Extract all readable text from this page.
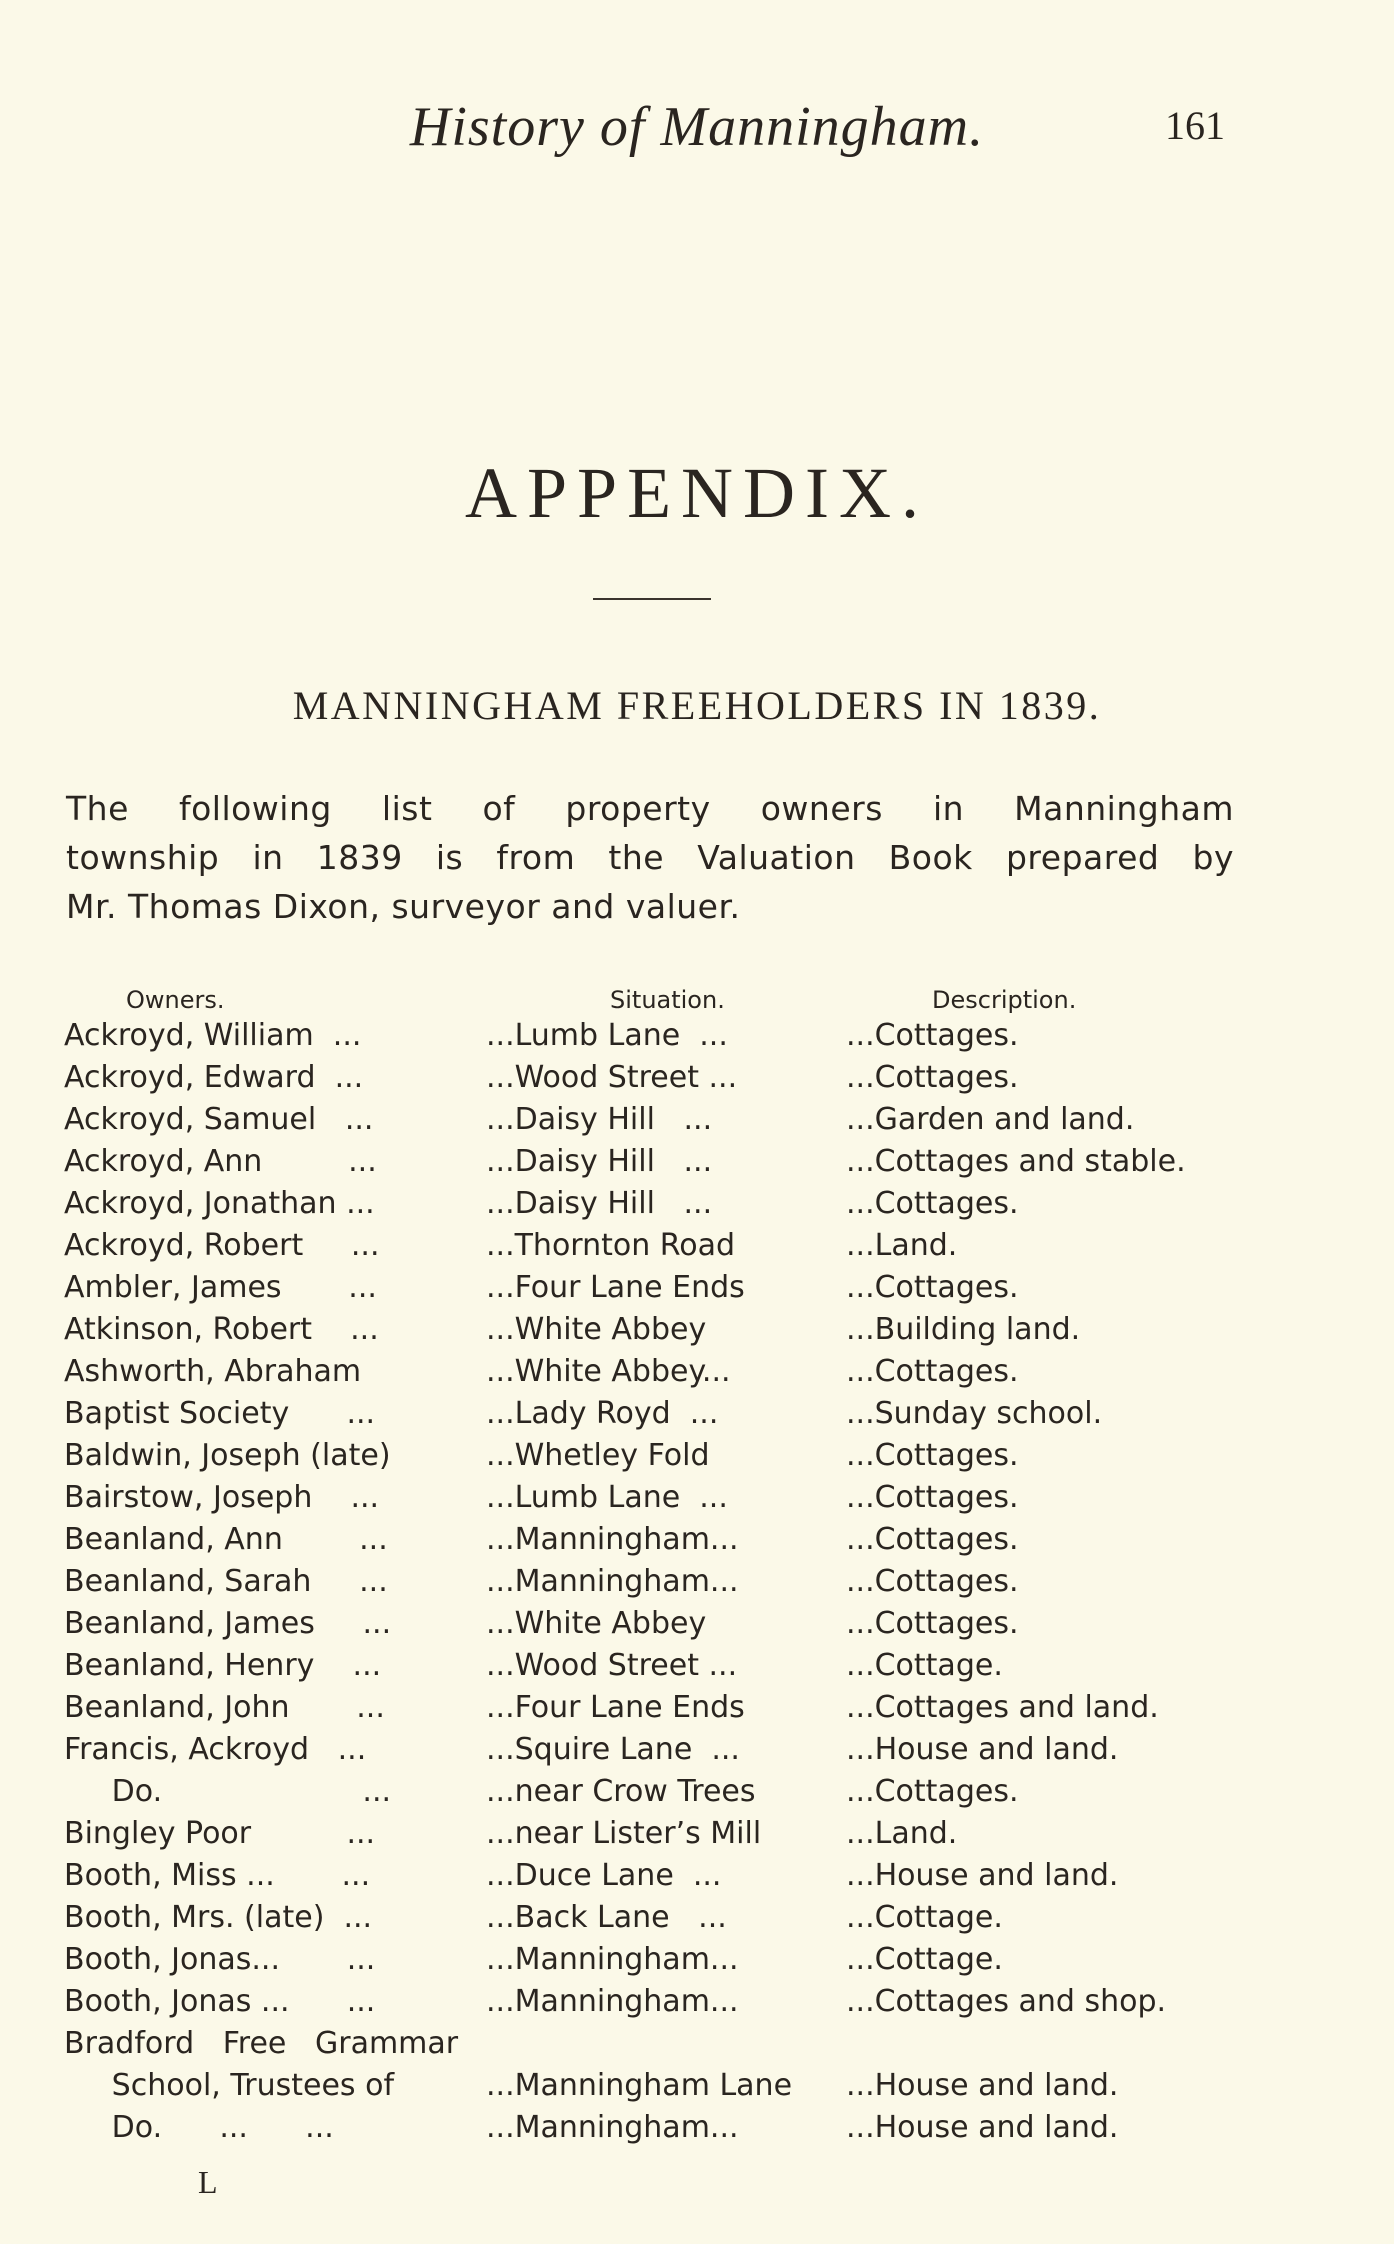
History of Manningham.	161
APPENDIX.
MANNINGHAM FREEHOLDERS IN 1839.
The following list of property owners in Manningham
township in 1839 is from the Valuation Book prepared by
Mr. Thomas Dixon, surveyor and valuer.
Owners.	Situation.	Description.
Ackroyd, William  ...	...Lumb Lane  ...	...Cottages.
Ackroyd, Edward  ...	...Wood Street ...	...Cottages.
Ackroyd, Samuel   ...	...Daisy Hill   ...	...Garden and land.
Ackroyd, Ann         ...	...Daisy Hill   ...	...Cottages and stable.
Ackroyd, Jonathan ...	...Daisy Hill   ...	...Cottages.
Ackroyd, Robert     ...	...Thornton Road	...Land.
Ambler, James       ...	...Four Lane Ends	...Cottages.
Atkinson, Robert    ...	...White Abbey	...Building land.
Ashworth, Abraham	...White Abbey...	...Cottages.
Baptist Society      ...	...Lady Royd  ...	...Sunday school.
Baldwin, Joseph (late)	...Whetley Fold	...Cottages.
Bairstow, Joseph    ...	...Lumb Lane  ...	...Cottages.
Beanland, Ann        ...	...Manningham...	...Cottages.
Beanland, Sarah     ...	...Manningham...	...Cottages.
Beanland, James     ...	...White Abbey	...Cottages.
Beanland, Henry    ...	...Wood Street ...	...Cottage.
Beanland, John       ...	...Four Lane Ends	...Cottages and land.
Francis, Ackroyd   ...	...Squire Lane  ...	...House and land.
Do.                     ...	...near Crow Trees	...Cottages.
Bingley Poor          ...	...near Lister’s Mill	...Land.
Booth, Miss ...       ...	...Duce Lane  ...	...House and land.
Booth, Mrs. (late)  ...	...Back Lane   ...	...Cottage.
Booth, Jonas...       ...	...Manningham...	...Cottage.
Booth, Jonas ...      ...	...Manningham...	...Cottages and shop.
Bradford   Free   Grammar
School, Trustees of	...Manningham Lane ...House and land.
Do.      ...      ...	...Manningham...	...House and land.
L
